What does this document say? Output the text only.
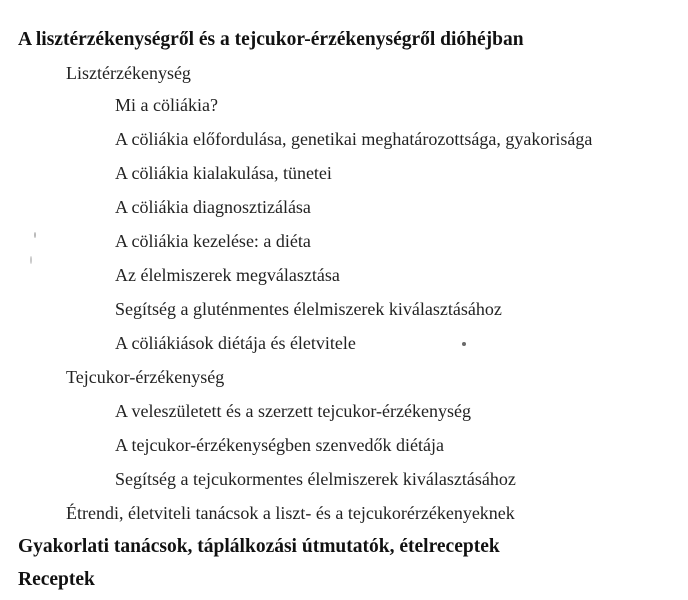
A lisztérzékenységről és a tejcukor-érzékenységről dióhéjban
Lisztérzékenység
Mi a cöliákia?
A cöliákia előfordulása, genetikai meghatározottsága, gyakorisága
A cöliákia kialakulása, tünetei
A cöliákia diagnosztizálása
A cöliákia kezelése: a diéta
Az élelmiszerek megválasztása
Segítség a gluténmentes élelmiszerek kiválasztásához
A cöliákiások diétája és életvitele
Tejcukor-érzékenység
A veleszületett és a szerzett tejcukor-érzékenység
A tejcukor-érzékenységben szenvedők diétája
Segítség a tejcukormentes élelmiszerek kiválasztásához
Étrendi, életviteli tanácsok a liszt- és a tejcukorérzékenyeknek
Gyakorlati tanácsok, táplálkozási útmutatók, ételreceptek
Receptek
